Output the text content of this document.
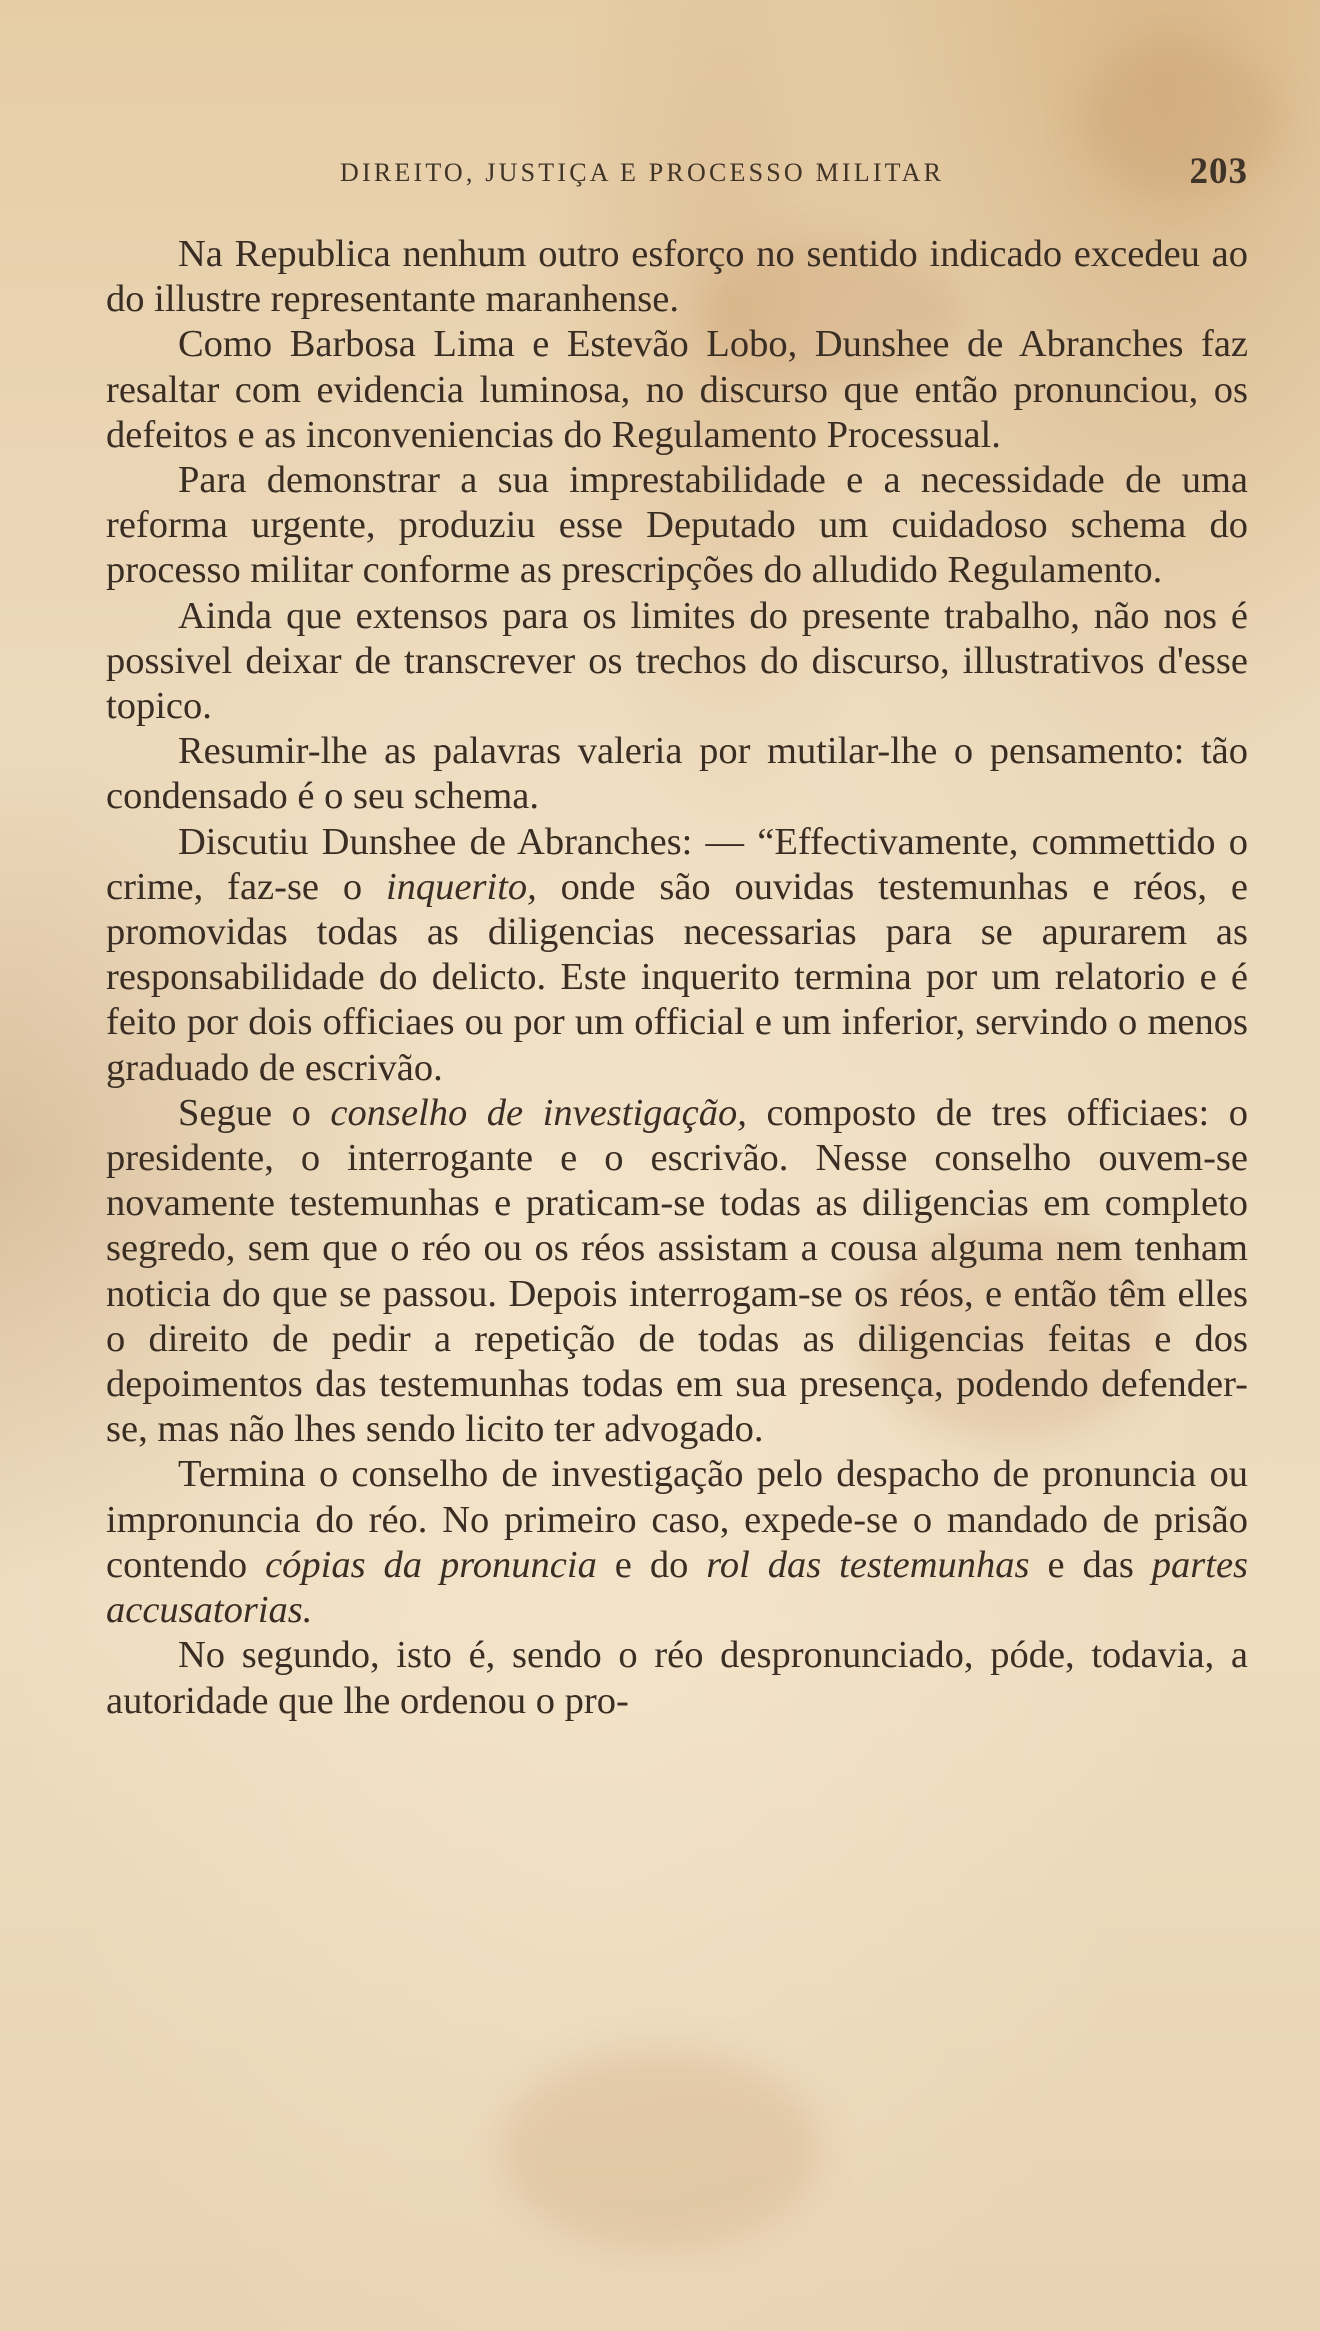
DIREITO, JUSTIÇA E PROCESSO MILITAR	203

Na Republica nenhum outro esforço no sentido indicado excedeu ao do illustre representante maranhense.

Como Barbosa Lima e Estevão Lobo, Dunshee de Abranches faz resaltar com evidencia luminosa, no discurso que então pronunciou, os defeitos e as inconveniencias do Regulamento Processual.

Para demonstrar a sua imprestabilidade e a necessidade de uma reforma urgente, produziu esse Deputado um cuidadoso schema do processo militar conforme as prescripções do alludido Regulamento.

Ainda que extensos para os limites do presente trabalho, não nos é possivel deixar de transcrever os trechos do discurso, illustrativos d'esse topico.

Resumir-lhe as palavras valeria por mutilar-lhe o pensamento: tão condensado é o seu schema.

Discutiu Dunshee de Abranches: — “Effectivamente, commettido o crime, faz-se o inquerito, onde são ouvidas testemunhas e réos, e promovidas todas as diligencias necessarias para se apurarem as responsabilidade do delicto. Este inquerito termina por um relatorio e é feito por dois officiaes ou por um official e um inferior, servindo o menos graduado de escrivão.

Segue o conselho de investigação, composto de tres officiaes: o presidente, o interrogante e o escrivão. Nesse conselho ouvem-se novamente testemunhas e praticam-se todas as diligencias em completo segredo, sem que o réo ou os réos assistam a cousa alguma nem tenham noticia do que se passou. Depois interrogam-se os réos, e então têm elles o direito de pedir a repetição de todas as diligencias feitas e dos depoimentos das testemunhas todas em sua presença, podendo defender-se, mas não lhes sendo licito ter advogado.

Termina o conselho de investigação pelo despacho de pronuncia ou impronuncia do réo. No primeiro caso, expede-se o mandado de prisão contendo cópias da pronuncia e do rol das testemunhas e das partes accusatorias.

No segundo, isto é, sendo o réo despronunciado, póde, todavia, a autoridade que lhe ordenou o pro-
